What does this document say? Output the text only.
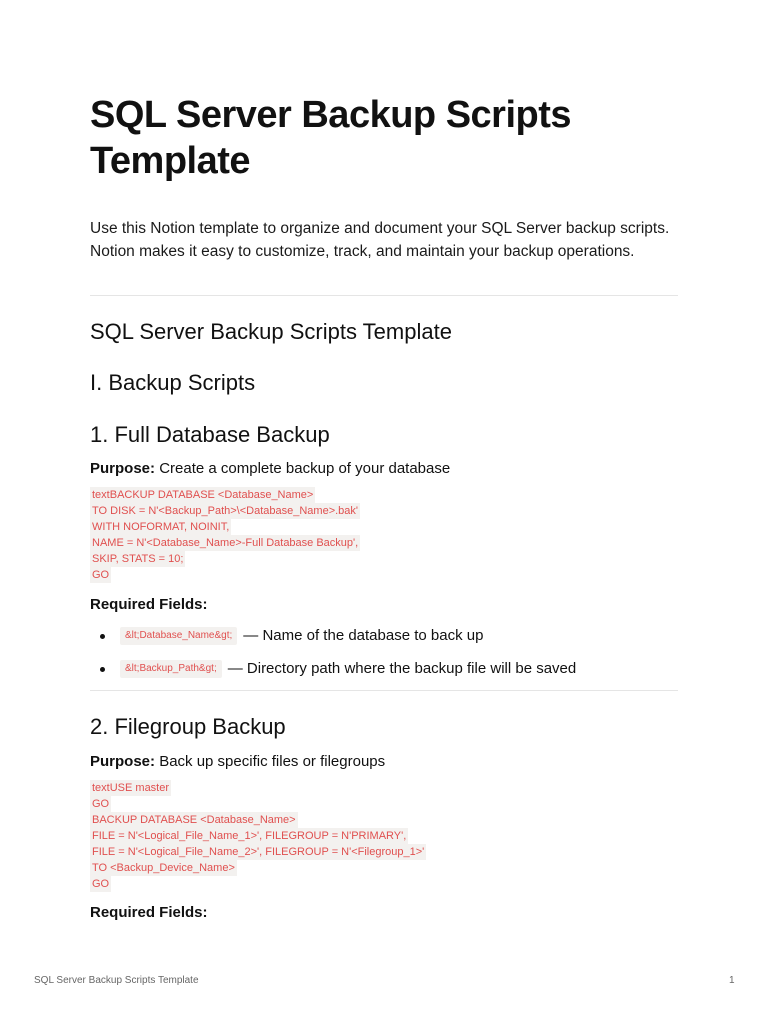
SQL Server Backup Scripts Template

Use this Notion template to organize and document your SQL Server backup scripts. Notion makes it easy to customize, track, and maintain your backup operations.

SQL Server Backup Scripts Template
I. Backup Scripts
1. Full Database Backup

Purpose: Create a complete backup of your database

textBACKUP DATABASE <Database_Name>
TO DISK = N'<Backup_Path>\<Database_Name>.bak'
WITH NOFORMAT, NOINIT,
NAME = N'<Database_Name>-Full Database Backup',
SKIP, STATS = 10;
GO

Required Fields:

&lt;Database_Name&gt; — Name of the database to back up
&lt;Backup_Path&gt; — Directory path where the backup file will be saved
2. Filegroup Backup

Purpose: Back up specific files or filegroups

textUSE master
GO
BACKUP DATABASE <Database_Name>
FILE = N'<Logical_File_Name_1>', FILEGROUP = N'PRIMARY',
FILE = N'<Logical_File_Name_2>', FILEGROUP = N'<Filegroup_1>'
TO <Backup_Device_Name>
GO

Required Fields:

SQL Server Backup Scripts Template	1
